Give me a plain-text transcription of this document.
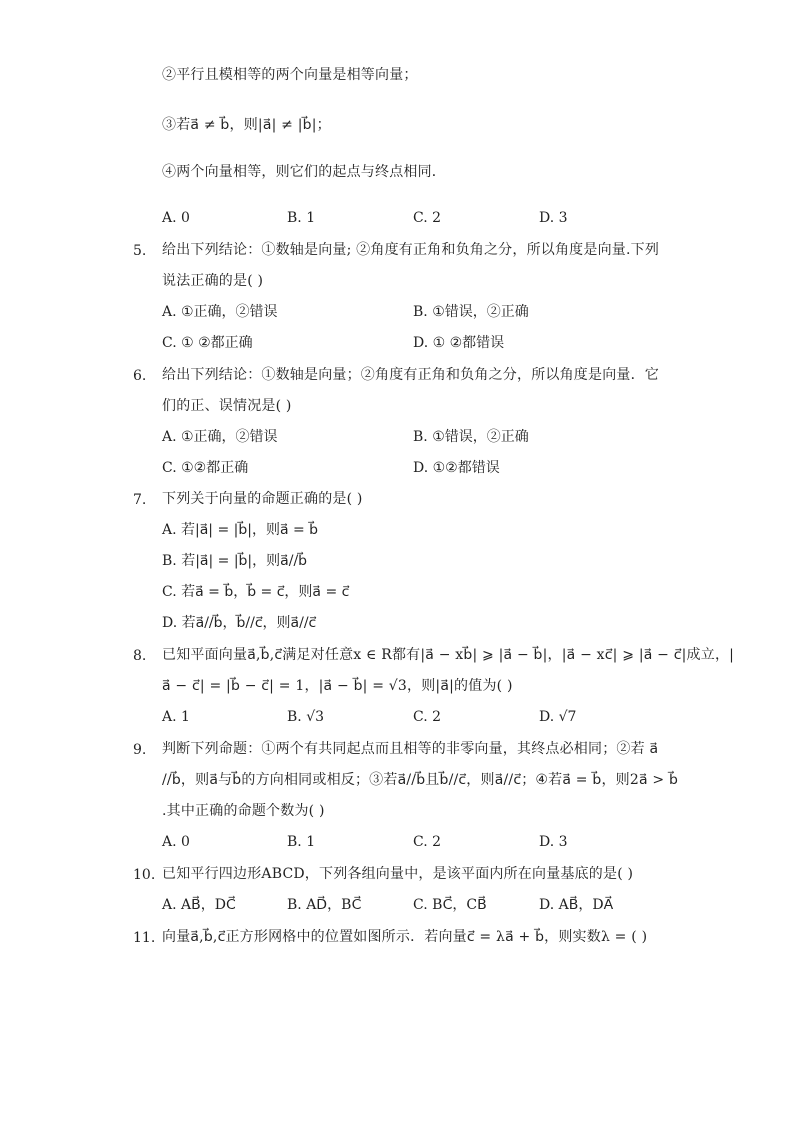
②平行且模相等的两个向量是相等向量；
③若a⃗ ≠ b⃗，则|a⃗| ≠ |b⃗|；
④两个向量相等，则它们的起点与终点相同．
A. 0	B. 1	C. 2	D. 3
5. 给出下列结论：①数轴是向量; ②角度有正角和负角之分，所以角度是向量.下列
说法正确的是( )
A. ①正确，②错误	B. ①错误，②正确
C. ① ②都正确	D. ① ②都错误
6. 给出下列结论：①数轴是向量；②角度有正角和负角之分，所以角度是向量．它
们的正、误情况是( )
A. ①正确，②错误	B. ①错误，②正确
C. ①②都正确	D. ①②都错误
7. 下列关于向量的命题正确的是( )
A. 若|a⃗| = |b⃗|，则a⃗ = b⃗
B. 若|a⃗| = |b⃗|，则a⃗//b⃗
C. 若a⃗ = b⃗，b⃗ = c⃗，则a⃗ = c⃗
D. 若a⃗//b⃗，b⃗//c⃗，则a⃗//c⃗
8. 已知平面向量a⃗,b⃗,c⃗满足对任意x ∈ R都有|a⃗ − xb⃗| ⩾ |a⃗ − b⃗|，|a⃗ − xc⃗| ⩾ |a⃗ − c⃗|成立，|
a⃗ − c⃗| = |b⃗ − c⃗| = 1，|a⃗ − b⃗| = √3，则|a⃗|的值为( )
A. 1	B. √3	C. 2	D. √7
9. 判断下列命题：①两个有共同起点而且相等的非零向量，其终点必相同；②若 a⃗
//b⃗，则a⃗与b⃗的方向相同或相反；③若a⃗//b⃗且b⃗//c⃗，则a⃗//c⃗；④若a⃗ = b⃗，则2a⃗ > b⃗
.其中正确的命题个数为( )
A. 0	B. 1	C. 2	D. 3
10. 已知平行四边形ABCD，下列各组向量中，是该平面内所在向量基底的是( )
A. AB⃗，DC⃗	B. AD⃗，BC⃗	C. BC⃗，CB⃗	D. AB⃗，DA⃗
11. 向量a⃗,b⃗,c⃗正方形网格中的位置如图所示．若向量c⃗ = λa⃗ + b⃗，则实数λ = ( )
